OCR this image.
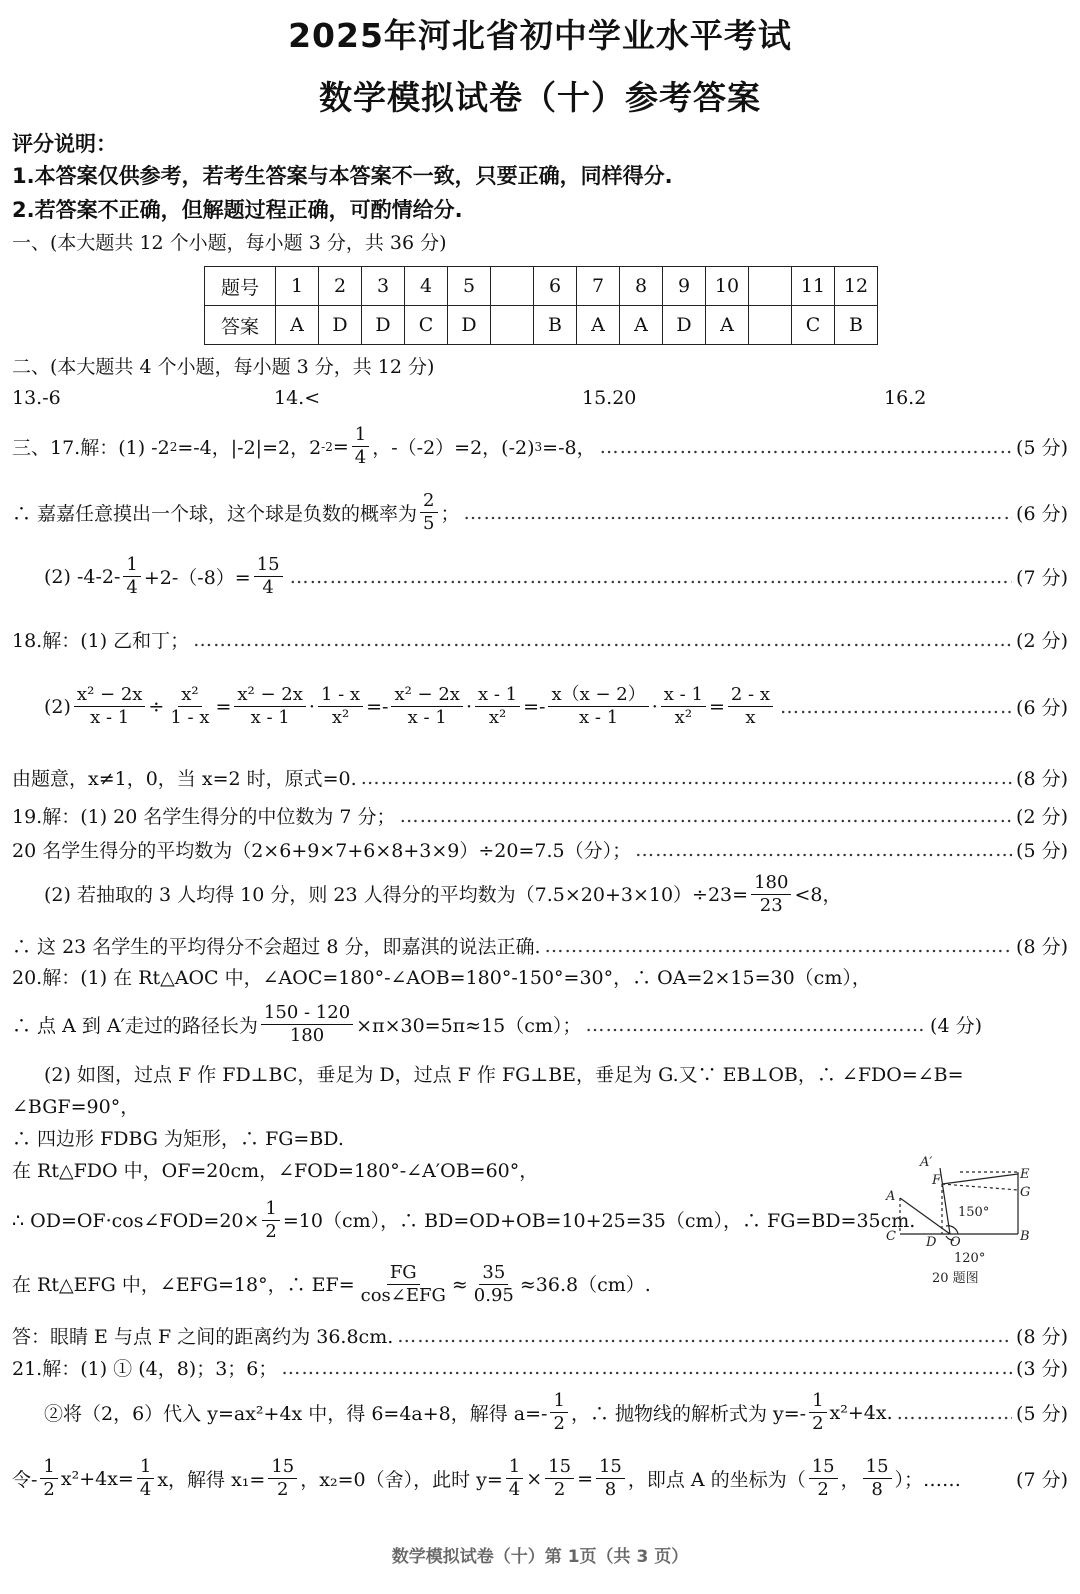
2025年河北省初中学业水平考试
数学模拟试卷（十）参考答案
评分说明：
1.本答案仅供参考，若考生答案与本答案不一致，只要正确，同样得分.
2.若答案不正确，但解题过程正确，可酌情给分.
一、(本大题共 12 个小题，每小题 3 分，共 36 分)
题号	1	2	3	4	5		6	7	8	9	10		11	12
答案	A	D	D	C	D		B	A	A	D	A		C	B
二、(本大题共 4 个小题，每小题 3 分，共 12 分)
13.-6	14.<	15.20	16.2
三、17.解：(1) -2 2 =-4，|-2|=2，2 $-2 = \frac{1}{4}$ ，-（-2）=2，(-2) 3 =-8， ……………………………………………………………………………………………………………………………………………………………………………………………………………………………	(5 分)
∴ 嘉嘉任意摸出一个球，这个球是负数的概率为 $\frac{2}{5}$ ； ……………………………………………………………………………………………………………………………………………………………………………………………………………………………	(6 分)
(2) $-4-2- \frac{1}{4} +2-(-8)= \frac{15}{4}$ ……………………………………………………………………………………………………………………………………………………………………………………………………………………………	(7 分)
18.解：(1) 乙和丁； ……………………………………………………………………………………………………………………………………………………………………………………………………………………………	(2 分)
$(2) \frac{\text{x² − 2x}}{x - 1} \div \frac{\text{x²}}{1 - x} = \frac{\text{x² − 2x}}{x - 1} \cdot \frac{1 - x}{\text{x²}} =- \frac{\text{x² − 2x}}{x - 1} \cdot \frac{x - 1}{\text{x²}} =- \frac{x(x - 2)}{x - 1} \cdot \frac{x - 1}{\text{x²}} = \frac{2 - x}{x}$ ……………………………………………………………………………………………………………………………………………………………………………………………………………………………	(6 分)
由题意，x≠1，0，当 x=2 时，原式=0. ……………………………………………………………………………………………………………………………………………………………………………………………………………………………	(8 分)
19.解：(1) 20 名学生得分的中位数为 7 分； ……………………………………………………………………………………………………………………………………………………………………………………………………………………………	(2 分)
20 名学生得分的平均数为（2×6+9×7+6×8+3×9）÷20=7.5（分）； ……………………………………………………………………………………………………………………………………………………………………………………………………………………………	(5 分)
(2) 若抽取的 3 人均得 10 分，则 23 人得分的平均数为$(7.5\times 20+3\times 10)\div 23= \frac{180}{23} <8$，
∴ 这 23 名学生的平均得分不会超过 8 分，即嘉淇的说法正确. ……………………………………………………………………………………………………………………………………………………………………………………………………………………………	(8 分)
20.解：(1) 在 Rt△AOC 中，∠AOC=180°-∠AOB=180°-150°=30°，∴ OA=2×15=30（cm），
∴ 点 A 到 A′走过的路径长为 $\frac{150 - 120}{180} \times\pi\times 30=5\pi\approx 15(cm)$； ……………………………………………………………………………………………………………………………………………………………………………………………………………………………	(4 分)
(2) 如图，过点 F 作 FD⊥BC，垂足为 D，过点 F 作 FG⊥BE，垂足为 G.又∵ EB⊥OB，∴ ∠FDO=∠B=
∠BGF=90°，
∴ 四边形 FDBG 为矩形，∴ FG=BD.
在 Rt△FDO 中，OF=20cm，∠FOD=180°-∠A′OB=60°，
∴ OD=OF·cos∠FOD=20× $\frac{1}{2} =10(cm)$，∴ BD=OD+OB=10+25=35（cm），∴ FG=BD=35cm.
在 Rt△EFG 中，∠EFG=18°，∴ $EF= \frac{FG}{\text{cos∠EFG}} \approx \frac{35}{0.95} \approx 36.8(cm)$.
答：眼睛 E 与点 F 之间的距离约为 36.8cm. ……………………………………………………………………………………………………………………………………………………………………………………………………………………………	(8 分)
A′
F	E
G
A
C D O	B
150°
120°
20 题图
21.解：(1) ① (4，8)；3；6； ……………………………………………………………………………………………………………………………………………………………………………………………………………………………	(3 分)
②将（2，6）代入 y=ax²+4x 中，得 6=4a+8，解得 $a=- \frac{1}{2}$ ，∴ 抛物线的解析式为 $y=- \frac{1}{2} x^2+4x$. ……………………………………………………………………………………………………………………………………………………………………………………………………………………………	(5 分)
令- $\frac{1}{2} x^2+4x= \frac{1}{4}$ x，解得 $x_1= \frac{15}{2}$ ，x₂=0（舍），此时 $y= \frac{1}{4} \times \frac{15}{2} = \frac{15}{8}$ ，即点 A 的坐标为（ $\frac{15}{2}$ ， $\frac{15}{8}$ ）；……	(7 分)
数学模拟试卷（十）第 1页（共 3 页）
